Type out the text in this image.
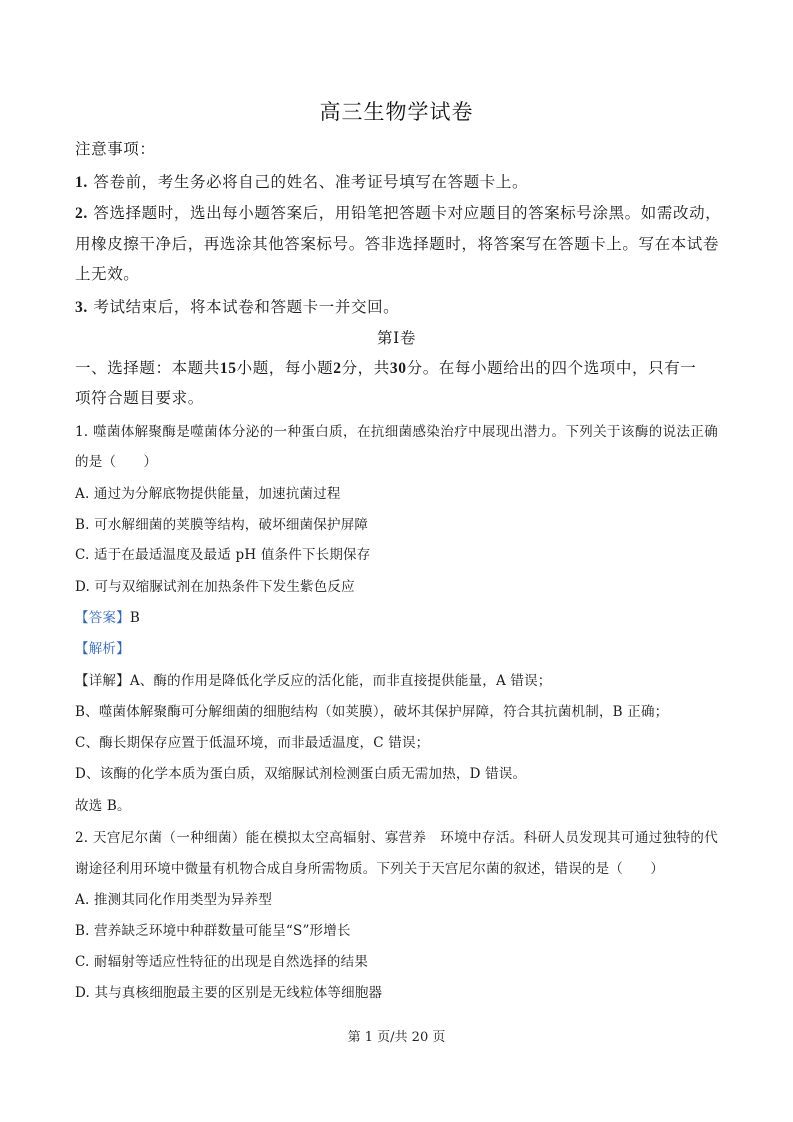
高三生物学试卷
注意事项：
1. 答卷前，考生务必将自己的姓名、准考证号填写在答题卡上。
2. 答选择题时，选出每小题答案后，用铅笔把答题卡对应题目的答案标号涂黑。如需改动，
用橡皮擦干净后，再选涂其他答案标号。答非选择题时，将答案写在答题卡上。写在本试卷
上无效。
3. 考试结束后，将本试卷和答题卡一并交回。
第Ⅰ卷
一、选择题：本题共15小题，每小题2分，共30分。在每小题给出的四个选项中，只有一
项符合题目要求。
1. 噬菌体解聚酶是噬菌体分泌的一种蛋白质，在抗细菌感染治疗中展现出潜力。下列关于该酶的说法正确
的是（　　）
A. 通过为分解底物提供能量，加速抗菌过程
B. 可水解细菌的荚膜等结构，破坏细菌保护屏障
C. 适于在最适温度及最适 pH 值条件下长期保存
D. 可与双缩脲试剂在加热条件下发生紫色反应
【答案】B
【解析】
【详解】A、酶的作用是降低化学反应的活化能，而非直接提供能量，A 错误；
B、噬菌体解聚酶可分解细菌的细胞结构（如荚膜），破坏其保护屏障，符合其抗菌机制，B 正确；
C、酶长期保存应置于低温环境，而非最适温度，C 错误；
D、该酶的化学本质为蛋白质，双缩脲试剂检测蛋白质无需加热，D 错误。
故选 B。
2. 天宫尼尔菌（一种细菌）能在模拟太空高辐射、寡营养　环境中存活。科研人员发现其可通过独特的代
谢途径利用环境中微量有机物合成自身所需物质。下列关于天宫尼尔菌的叙述，错误的是（　　）
A. 推测其同化作用类型为异养型
B. 营养缺乏环境中种群数量可能呈“S”形增长
C. 耐辐射等适应性特征的出现是自然选择的结果
D. 其与真核细胞最主要的区别是无线粒体等细胞器
第 1 页/共 20 页
